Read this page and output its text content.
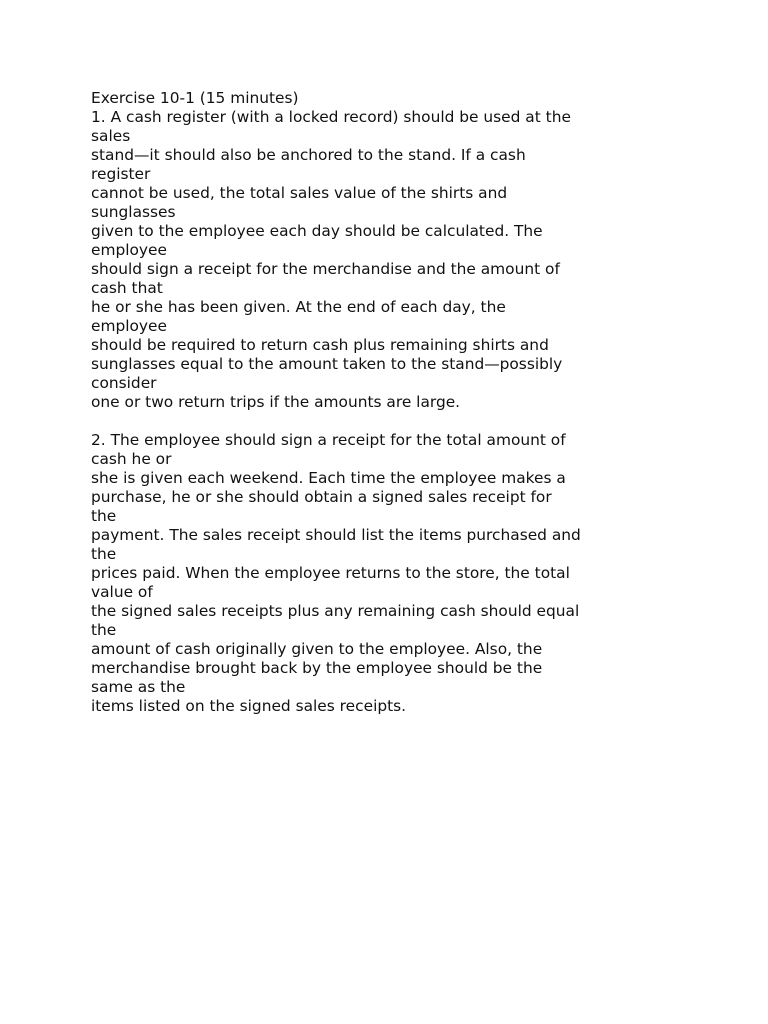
Exercise 10-1 (15 minutes)
1. A cash register (with a locked record) should be used at the
sales
stand—it should also be anchored to the stand. If a cash
register
cannot be used, the total sales value of the shirts and
sunglasses
given to the employee each day should be calculated. The
employee
should sign a receipt for the merchandise and the amount of
cash that
he or she has been given. At the end of each day, the
employee
should be required to return cash plus remaining shirts and
sunglasses equal to the amount taken to the stand—possibly
consider
one or two return trips if the amounts are large.
2. The employee should sign a receipt for the total amount of
cash he or
she is given each weekend. Each time the employee makes a
purchase, he or she should obtain a signed sales receipt for
the
payment. The sales receipt should list the items purchased and
the
prices paid. When the employee returns to the store, the total
value of
the signed sales receipts plus any remaining cash should equal
the
amount of cash originally given to the employee. Also, the
merchandise brought back by the employee should be the
same as the
items listed on the signed sales receipts.
